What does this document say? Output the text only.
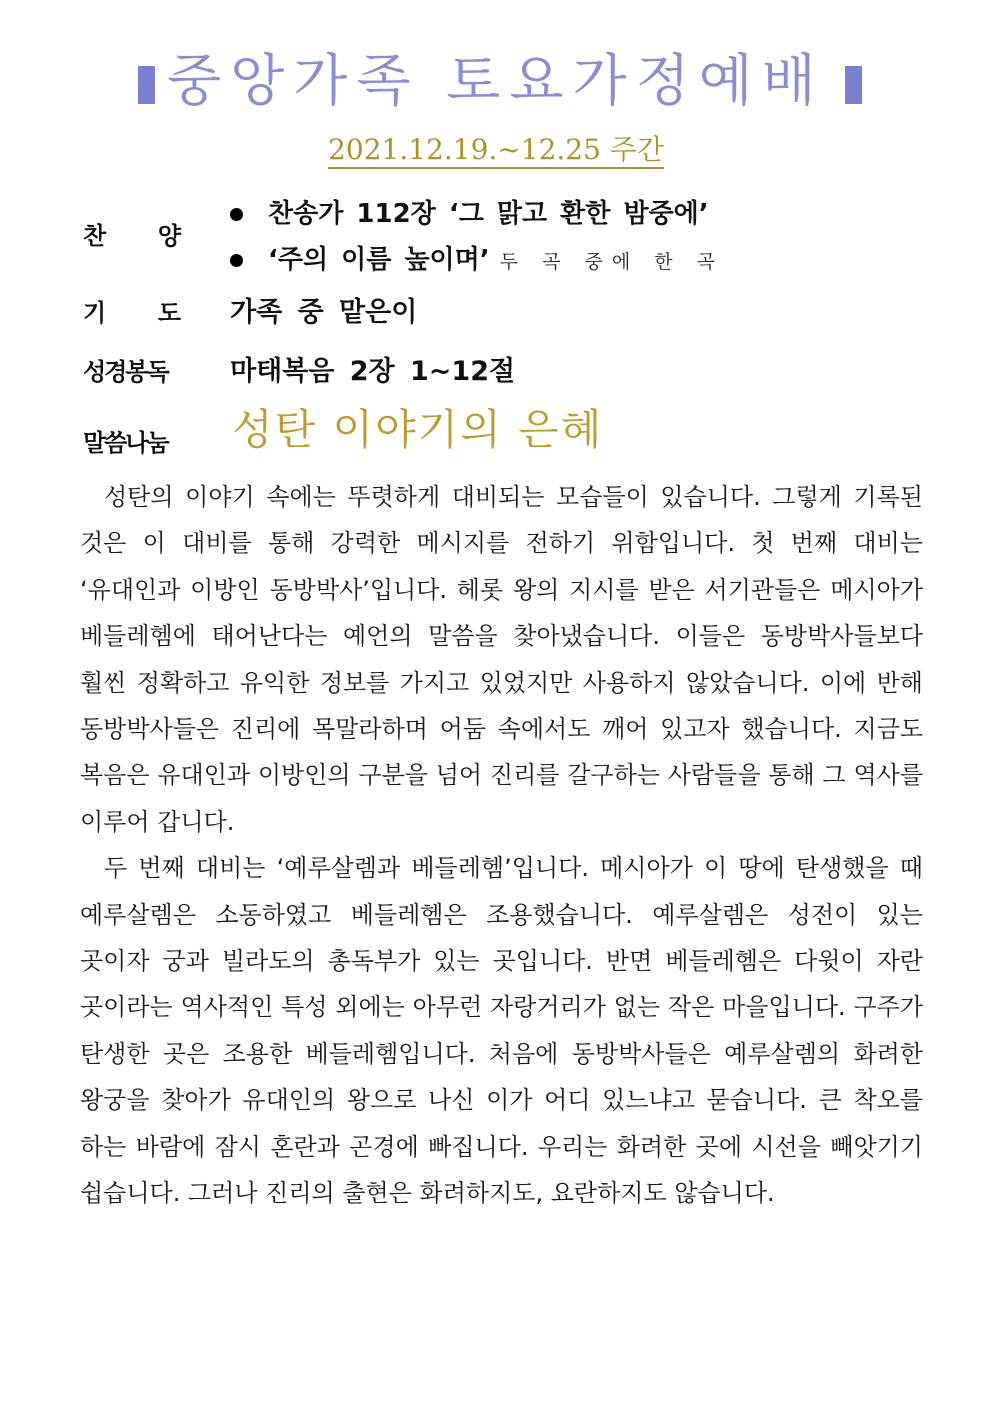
중앙가족 토요가정예배
2021.12.19.~12.25 주간
찬 양
찬송가 112장 ‘그 맑고 환한 밤중에’
‘주의 이름 높이며’ 두 곡 중에 한 곡
기 도 가족 중 맡은이
성경봉독	마태복음 2장 1~12절
말씀나눔	성탄 이야기의 은혜

성탄의 이야기 속에는 뚜렷하게 대비되는 모습들이 있습니다. 그렇게 기록된 것은 이 대비를 통해 강력한 메시지를 전하기 위함입니다. 첫 번째 대비는 ‘유대인과 이방인 동방박사’입니다. 헤롯 왕의 지시를 받은 서기관들은 메시아가 베들레헴에 태어난다는 예언의 말씀을 찾아냈습니다. 이들은 동방박사들보다 훨씬 정확하고 유익한 정보를 가지고 있었지만 사용하지 않았습니다. 이에 반해 동방박사들은 진리에 목말라하며 어둠 속에서도 깨어 있고자 했습니다. 지금도 복음은 유대인과 이방인의 구분을 넘어 진리를 갈구하는 사람들을 통해 그 역사를 이루어 갑니다.

두 번째 대비는 ‘예루살렘과 베들레헴’입니다. 메시아가 이 땅에 탄생했을 때 예루살렘은 소동하였고 베들레헴은 조용했습니다. 예루살렘은 성전이 있는 곳이자 궁과 빌라도의 총독부가 있는 곳입니다. 반면 베들레헴은 다윗이 자란 곳이라는 역사적인 특성 외에는 아무런 자랑거리가 없는 작은 마을입니다. 구주가 탄생한 곳은 조용한 베들레헴입니다. 처음에 동방박사들은 예루살렘의 화려한 왕궁을 찾아가 유대인의 왕으로 나신 이가 어디 있느냐고 묻습니다. 큰 착오를 하는 바람에 잠시 혼란과 곤경에 빠집니다. 우리는 화려한 곳에 시선을 빼앗기기 쉽습니다. 그러나 진리의 출현은 화려하지도, 요란하지도 않습니다.
